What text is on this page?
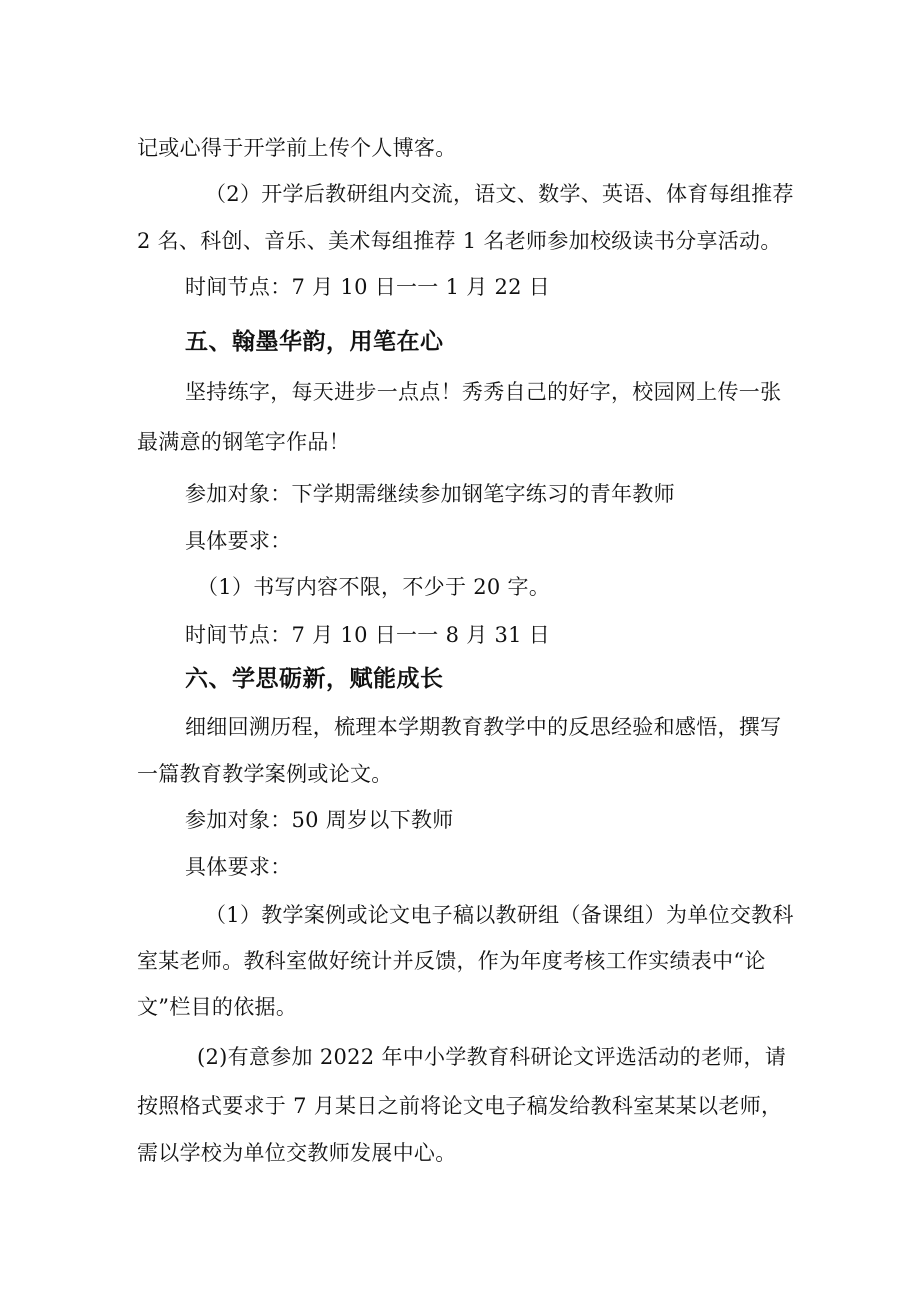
记或心得于开学前上传个人博客。
（2）开学后教研组内交流，语文、数学、英语、体育每组推荐
2 名、科创、音乐、美术每组推荐 1 名老师参加校级读书分享活动。
时间节点：7 月 10 日一一 1 月 22 日
五、翰墨华韵，用笔在心
坚持练字，每天进步一点点！秀秀自己的好字，校园网上传一张
最满意的钢笔字作品！
参加对象：下学期需继续参加钢笔字练习的青年教师
具体要求：
（1）书写内容不限，不少于 20 字。
时间节点：7 月 10 日一一 8 月 31 日
六、学思砺新，赋能成长
细细回溯历程，梳理本学期教育教学中的反思经验和感悟，撰写
一篇教育教学案例或论文。
参加对象：50 周岁以下教师
具体要求：
（1）教学案例或论文电子稿以教研组（备课组）为单位交教科
室某老师。教科室做好统计并反馈，作为年度考核工作实绩表中“论
文”栏目的依据。
(2)有意参加 2022 年中小学教育科研论文评选活动的老师，请
按照格式要求于 7 月某日之前将论文电子稿发给教科室某某以老师，
需以学校为单位交教师发展中心。
